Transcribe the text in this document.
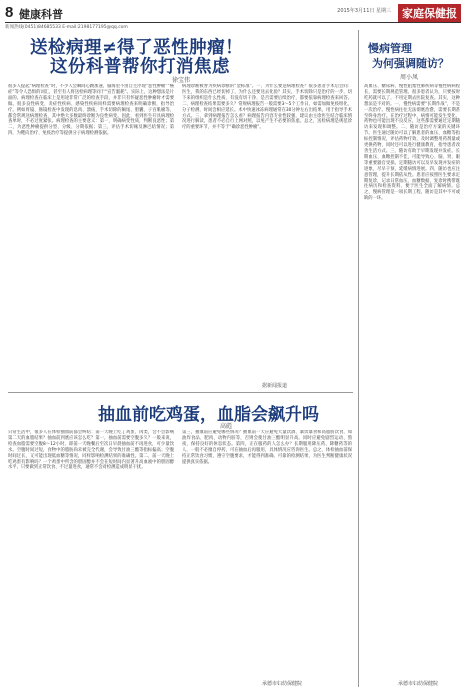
8 健康科普	2015年3月11日 星期三	家庭保健报
新闻热线(0451)84685533 E-mail:2198177195@qq.com
送检病理≠得了恶性肿瘤！
这份科普帮你打消焦虑
徐宝伟
很多人提起“病理检查”时，不少人会瞬间心跳加速，脑海里不由自主浮现“恶性肿瘤”“癌症”等令人恐惧的词汇，甚至有人将送检病理等同于“宣告噩耗”。实际上，这种想法是片面的。病理检查在临床上是用途非常广泛的检查手段，并非只有怀疑恶性肿瘤时才需要做。很多良性病变、炎症性疾病、感染性疾病同样需要病理检查来明确诊断，指导治疗。例如胃镜、肠镜检查中发现的息肉、溃疡，手术切除的阑尾、胆囊、子宫肌瘤等，都会常规送病理检查，其中绝大多数最终诊断为良性病变。因此，看到医生开具病理检查单时，不必过度紧张。病理检查的主要意义：第一，明确病变性质，判断良恶性；第二，为恶性肿瘤提供分型、分级、分期依据；第三，评估手术切缘及淋巴结情况；第四，为靶向治疗、免疫治疗等提供分子病理检测依据。
病理诊断被誉为疾病诊断的“金标准”。一、为什么要送病理检查？很多患者手术后会问：医生，我的东西已经切掉了，为什么还要送去化验？其实，手术切除只是治疗的一步，切下来的组织是什么性质、有没有切干净、是否需要后续治疗，都要依靠病理检查来回答。二、病理检查结果需要多久？常规病理报告一般需要3～5个工作日，如需加做免疫组化、分子检测，时间会相应延长。术中快速冰冻病理通常在30分钟左右出结果，用于指导手术方式。三、拿到病理报告怎么看？病理报告内容专业性较强，建议由主诊医生结合临床情况进行解读，患者不必自行上网对照，以免产生不必要的焦虑。总之，送检病理是规范诊疗的重要环节，并不等于“确诊恶性肿瘤”。
据新闻报道
抽血前吃鸡蛋，血脂会飙升吗
高彪
日常生活中，很多人在体检抽血前都会纠结：前一天晚上吃了鸡蛋、肉类，会不会影响第二天的血脂结果？抽血前到底应该怎么吃？第一，抽血前需要空腹多久？一般来说，检查血脂需要空腹8～12小时，即前一天晚餐后至次日早晨抽血前不再进食，可少量饮水。空腹时间过短，食物中的脂肪尚未被完全代谢，会导致甘油三酯等指标偏高；空腹时间过长，又可能出现低血糖等情况，同样影响检测结果的准确性。第二，前一天晚上吃鸡蛋有影响吗？一个鸡蛋中所含的胆固醇并不会在短时间内显著升高血液中的胆固醇水平，只要做到正常饮食、不过量进食，通常不会对检测造成明显干扰。
第三，抽血前应避免哪些情况？抽血前一天应避免大量饮酒、暴饮暴食和高脂肪饮食，如油炸食品、肥肉、动物内脏等，否则会使甘油三酯明显升高。同时应避免剧烈运动、熬夜，保持良好的休息状态。第四，正在服药的人怎么办？长期服用降压药、降糖药等的人，一般不必擅自停药，可在抽血后再服用，具体情况应咨询医生。总之，体检抽血前保持正常饮食习惯，遵守空腹要求，才能得到准确、可靠的检测结果，为医生判断健康状况提供真实依据。
承德市妇幼保健院
慢病管理
为何强调随访？
周小凤
高血压、糖尿病、慢性阻塞性肺疾病等慢性病病程长，需要长期规范管理。很多患者认为，只要按时吃药就可以了，不用定期去医院复查。其实，这种想法是不对的。一、慢性病需要“长期作战”，不是一次治疗。慢性病往往无法彻底治愈，需要长期甚至终身治疗。在治疗过程中，病情可能发生变化，药物也可能出现不良反应，这些都需要通过定期随访来发现和调整。二、随访是治疗方案的关键环节。医生通过随访可以了解患者的血压、血糖等指标控制情况，评估药物疗效，及时调整用药剂量或更换药物，同时还可以进行健康教育，指导患者改善生活方式。三、随访有助于早期发现并发症。长期血压、血糖控制不佳，可能导致心、脑、肾、眼等重要器官受损。定期随访可以及早发现并发症的迹象，尽早干预，延缓病情进展。四、随访也应注意管理，提升长期依从性。患者应按照医生要求定期复诊，记录日常血压、血糖数据，复诊时携带既往病历和检查资料，便于医生全面了解病情。总之，慢病管理是一项长期工程，随访是其中不可或缺的一环。
承德市妇幼保健院
